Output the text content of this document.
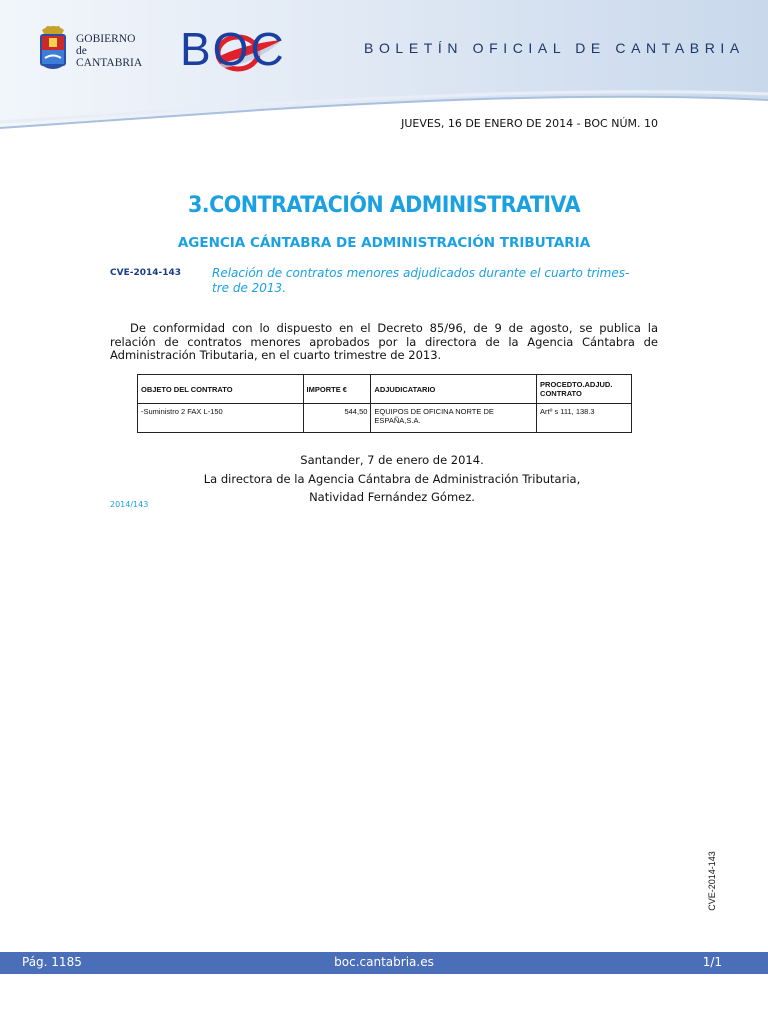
GOBIERNO
de
CANTABRIA BOC	BOLETÍN OFICIAL DE CANTABRIA
JUEVES, 16 DE ENERO DE 2014 - BOC NÚM. 10
3.CONTRATACIÓN ADMINISTRATIVA
AGENCIA CÁNTABRA DE ADMINISTRACIÓN TRIBUTARIA
CVE-2014-143	Relación de contratos menores adjudicados durante el cuarto trimes-
tre de 2013.
De conformidad con lo dispuesto en el Decreto 85/96, de 9 de agosto, se publica la relación de contratos menores aprobados por la directora de la Agencia Cántabra de Administración Tributaria, en el cuarto trimestre de 2013.
OBJETO DEL CONTRATO	IMPORTE €	ADJUDICATARIO	PROCEDTO.ADJUD. CONTRATO
-Suministro 2 FAX L-150	544,50	EQUIPOS DE OFICINA NORTE DE ESPAÑA,S.A.	Artº s 111, 138.3
Santander, 7 de enero de 2014.
La directora de la Agencia Cántabra de Administración Tributaria,
Natividad Fernández Gómez.
2014/143
CVE-2014-143
Pág. 1185	boc.cantabria.es	1/1
